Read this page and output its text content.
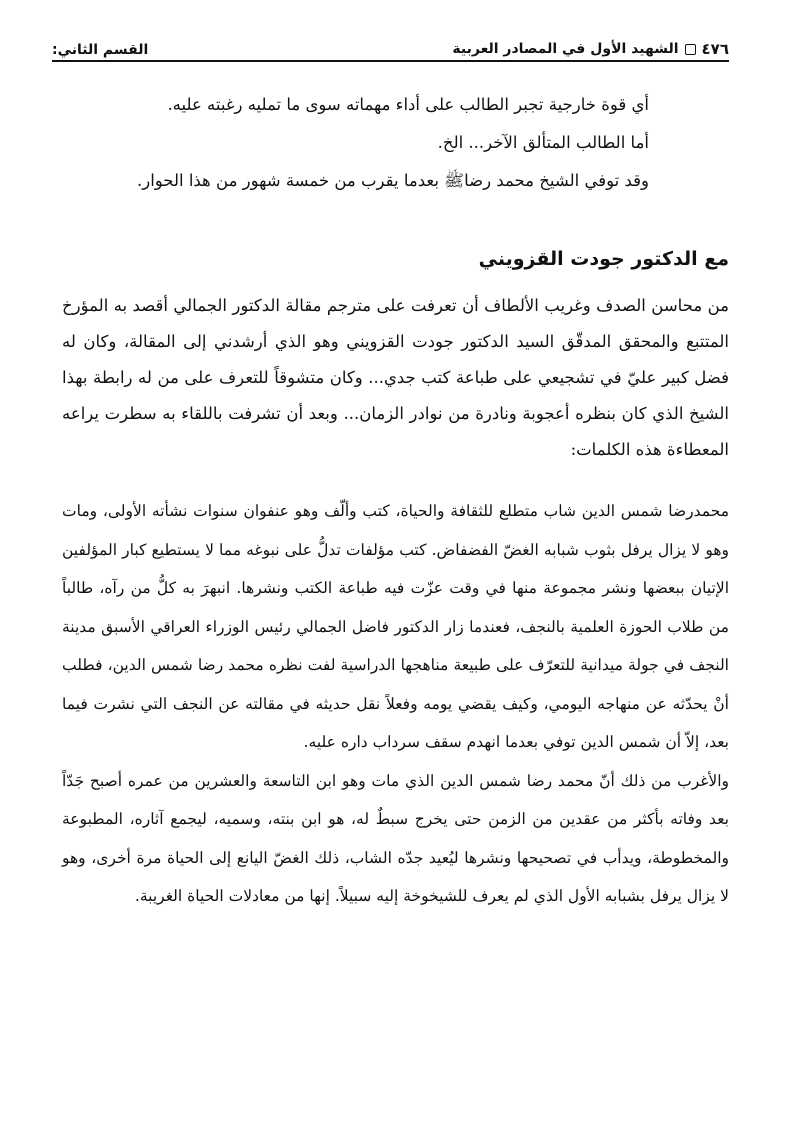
٤٧٦
الشهيد الأول في المصادر العربية
القسم الثاني:

أي قوة خارجية تجبر الطالب على أداء مهماته سوى ما تمليه رغبته عليه.

أما الطالب المتألق الآخر... الخ.

وقد توفي الشيخ محمد رضاﷺ بعدما يقرب من خمسة شهور من هذا الحوار.

مع الدكتور جودت القزويني

من محاسن الصدف وغريب الألطاف أن تعرفت على مترجم مقالة الدكتور الجمالي أقصد به المؤرخ المتتبع والمحقق المدقّق السيد الدكتور جودت القزويني وهو الذي أرشدني إلى المقالة، وكان له فضل كبير عليّ في تشجيعي على طباعة كتب جدي... وكان متشوقاً للتعرف على من له رابطة بهذا الشيخ الذي كان بنظره أعجوبة ونادرة من نوادر الزمان... وبعد أن تشرفت باللقاء به سطرت يراعه المعطاءة هذه الكلمات:

محمدرضا شمس الدين شاب متطلع للثقافة والحياة، كتب وألّف وهو عنفوان سنوات نشأته الأولى، ومات وهو لا يزال يرفل بثوب شبابه الغضّ الفضفاض. كتب مؤلفات تدلُّ على نبوغه مما لا يستطيع كبار المؤلفين الإتيان ببعضها ونشر مجموعة منها في وقت عزّت فيه طباعة الكتب ونشرها. انبهرَ به كلُّ من رآه، طالباً من طلاب الحوزة العلمية بالنجف، فعندما زار الدكتور فاضل الجمالي رئيس الوزراء العراقي الأسبق مدينة النجف في جولة ميدانية للتعرّف على طبيعة مناهجها الدراسية لفت نظره محمد رضا شمس الدين، فطلب أنْ يحدّثه عن منهاجه اليومي، وكيف يقضي يومه وفعلاً نقل حديثه في مقالته عن النجف التي نشرت فيما بعد، إلاّ أن شمس الدين توفي بعدما انهدم سقف سرداب داره عليه.

والأغرب من ذلك أنّ محمد رضا شمس الدين الذي مات وهو ابن التاسعة والعشرين من عمره أصبح جَدّاً بعد وفاته بأكثر من عقدين من الزمن حتى يخرج سبطٌ له، هو ابن بنته، وسميه، ليجمع آثاره، المطبوعة والمخطوطة، ويدأب في تصحيحها ونشرها ليُعيد جدّه الشاب، ذلك الغضّ اليانع إلى الحياة مرة أخرى، وهو لا يزال يرفل بشبابه الأول الذي لم يعرف للشيخوخة إليه سبيلاً. إنها من معادلات الحياة الغريبة.
